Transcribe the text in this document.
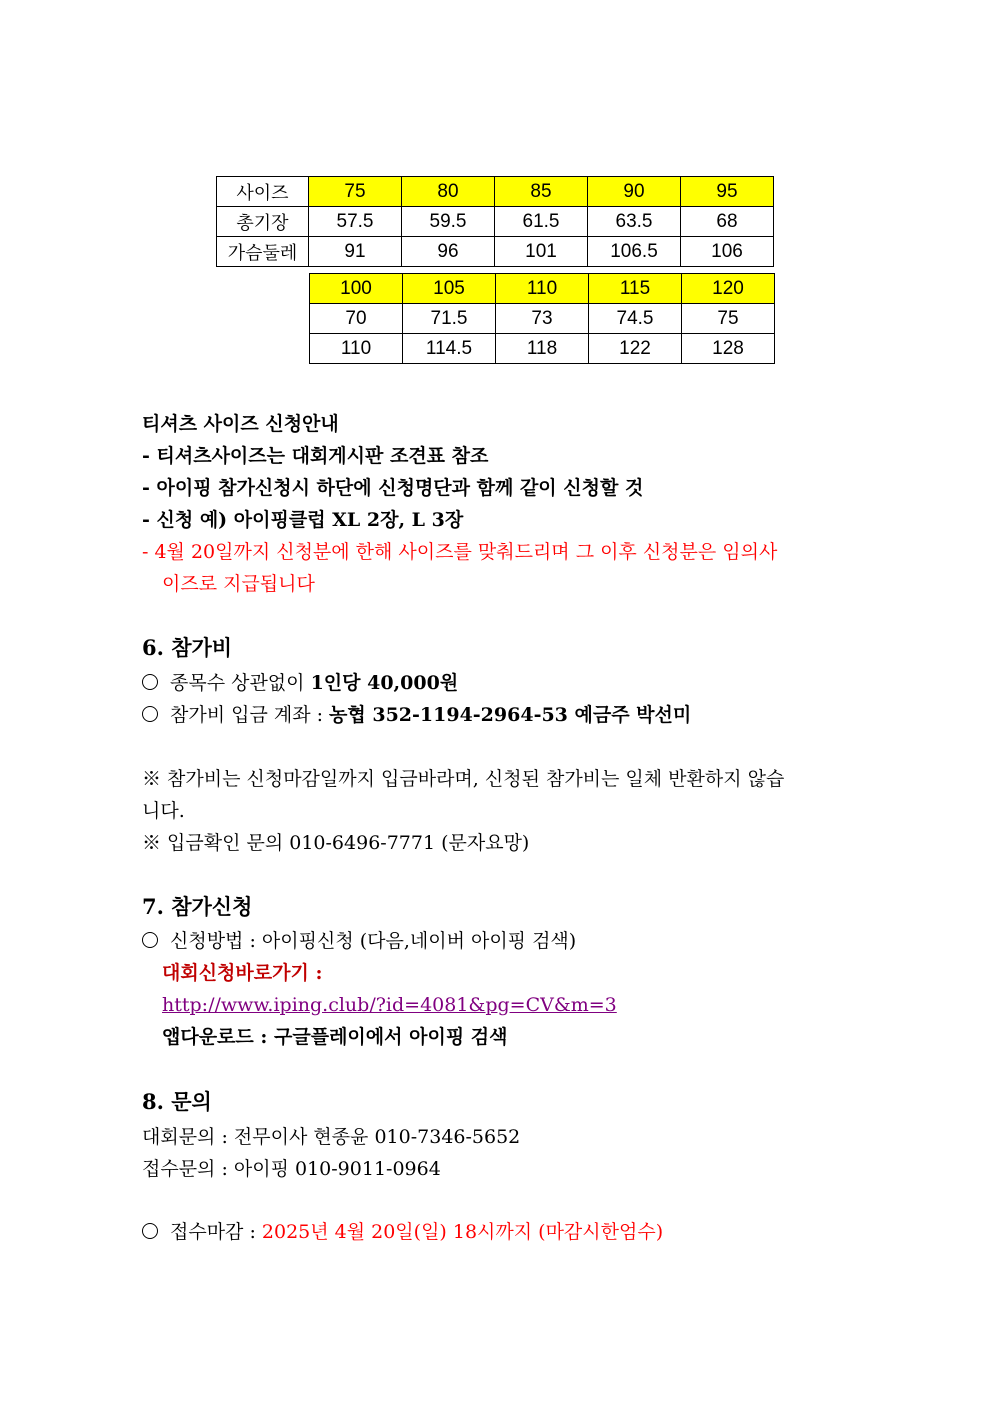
사이즈	75	80	85	90	95
총기장	57.5	59.5	61.5	63.5	68
가슴둘레	91	96	101	106.5	106
100	105	110	115	120
70	71.5	73	74.5	75
110	114.5	118	122	128
티셔츠 사이즈 신청안내
- 티셔츠사이즈는 대회게시판 조견표 참조
- 아이핑 참가신청시 하단에 신청명단과 함께 같이 신청할 것
- 신청 예) 아이핑클럽 XL 2장, L 3장
- 4월 20일까지 신청분에 한해 사이즈를 맞춰드리며 그 이후 신청분은 임의사
이즈로 지급됩니다
6. 참가비
종목수 상관없이 1인당 40,000원
참가비 입금 계좌 : 농협 352-1194-2964-53 예금주 박선미
※ 참가비는 신청마감일까지 입금바라며, 신청된 참가비는 일체 반환하지 않습
니다.
※ 입금확인 문의 010-6496-7771 (문자요망)
7. 참가신청
신청방법 : 아이핑신청 (다음,네이버 아이핑 검색)
대회신청바로가기 :
http://www.iping.club/?id=4081&pg=CV&m=3
앱다운로드 : 구글플레이에서 아이핑 검색
8. 문의
대회문의 : 전무이사 현종윤 010-7346-5652
접수문의 : 아이핑 010-9011-0964
접수마감 : 2025년 4월 20일(일) 18시까지 (마감시한엄수)
